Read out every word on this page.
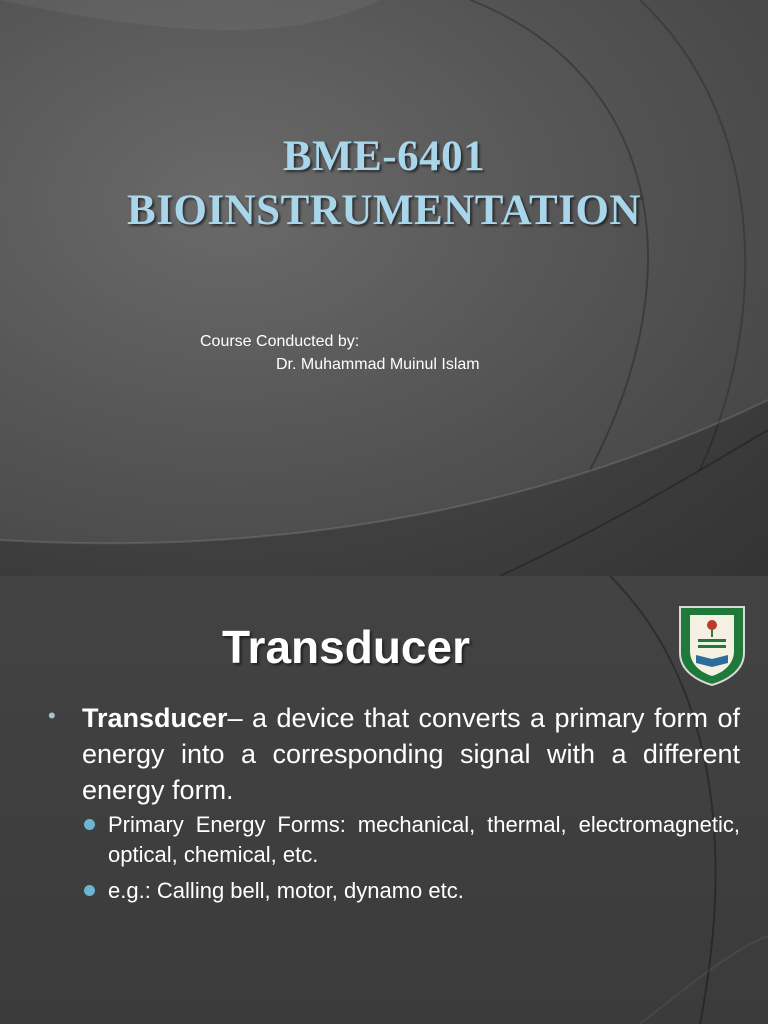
BME-6401
BIOINSTRUMENTATION
Course Conducted by:
Dr. Muhammad Muinul Islam
Transducer
• Transducer– a device that converts a primary form of energy into a corresponding signal with a different energy form.
Primary Energy Forms: mechanical, thermal, electromagnetic, optical, chemical, etc.
e.g.: Calling bell, motor, dynamo etc.
